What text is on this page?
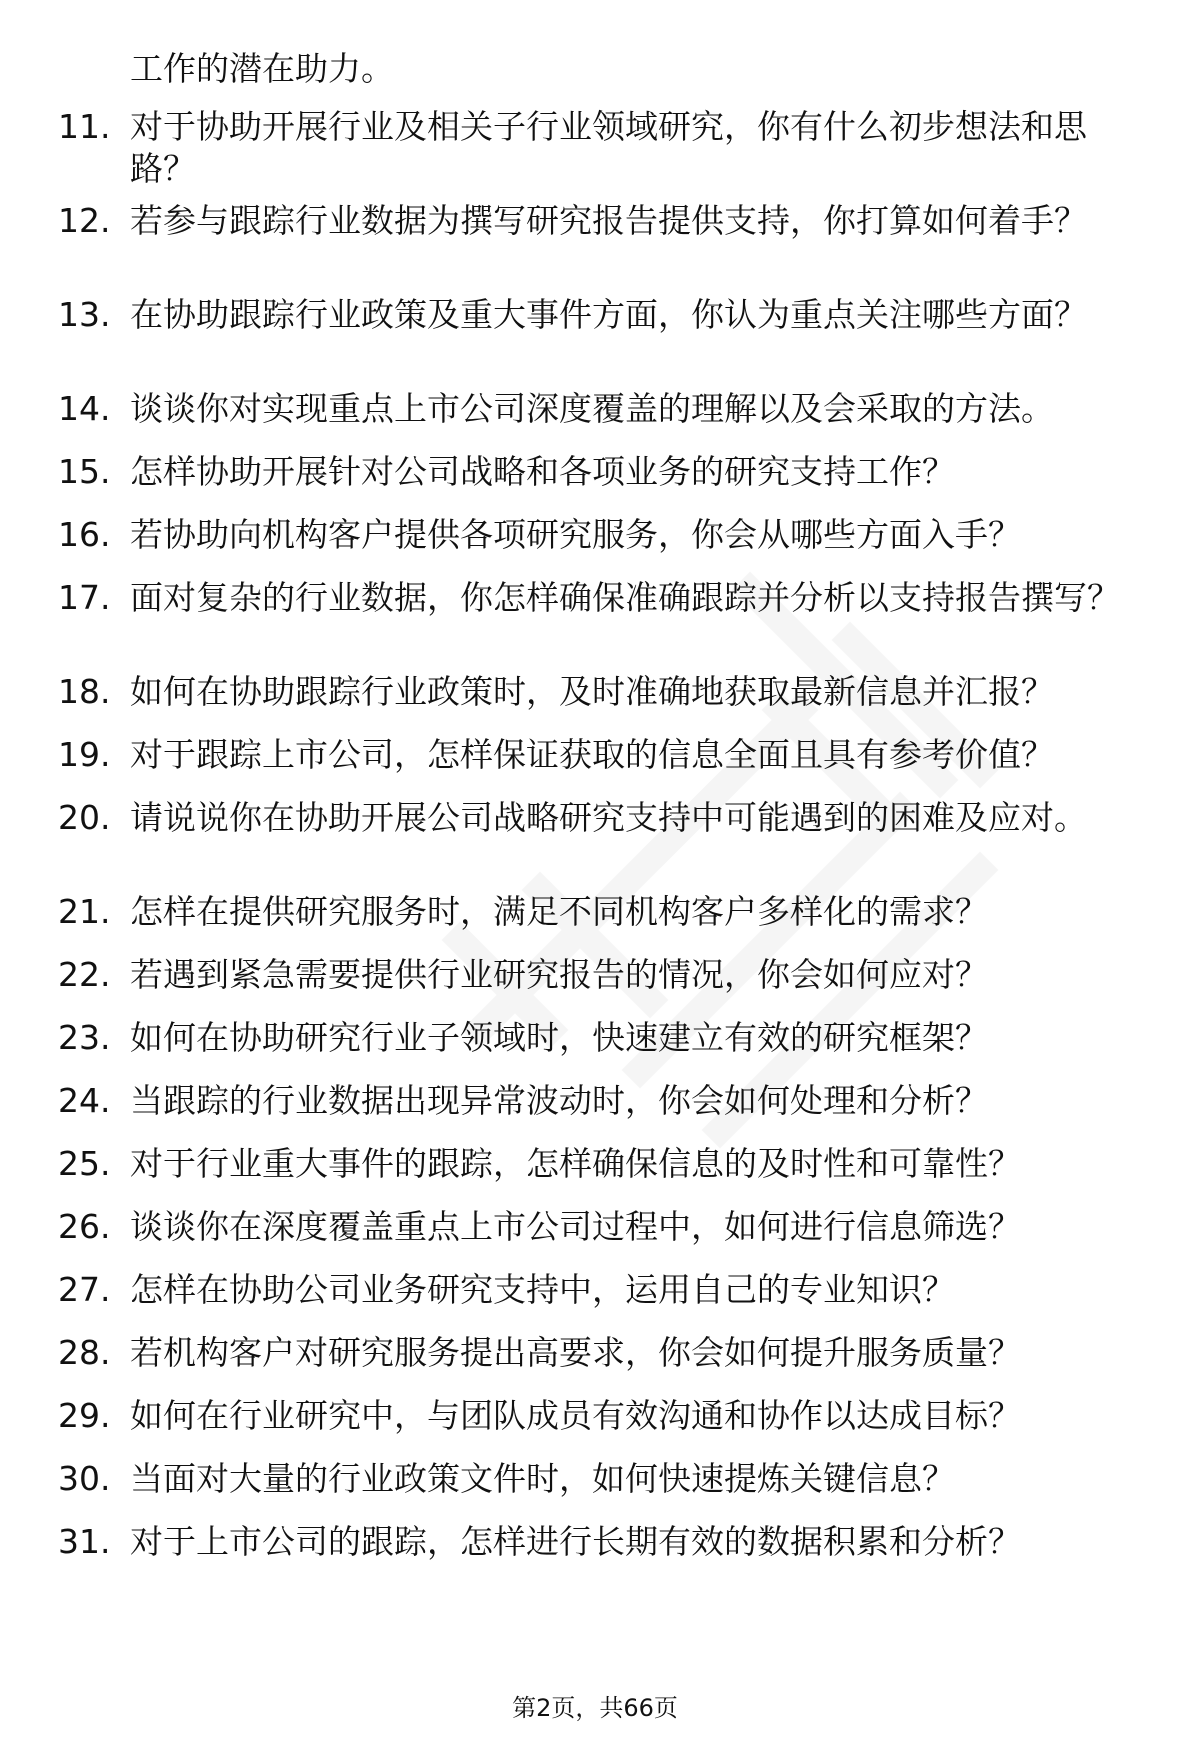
工作的潜在助力。
11. 对于协助开展行业及相关子行业领域研究，你有什么初步想法和思路？
12. 若参与跟踪行业数据为撰写研究报告提供支持，你打算如何着手？
13. 在协助跟踪行业政策及重大事件方面，你认为重点关注哪些方面？
14. 谈谈你对实现重点上市公司深度覆盖的理解以及会采取的方法。
15. 怎样协助开展针对公司战略和各项业务的研究支持工作？
16. 若协助向机构客户提供各项研究服务，你会从哪些方面入手？
17. 面对复杂的行业数据，你怎样确保准确跟踪并分析以支持报告撰写？
18. 如何在协助跟踪行业政策时，及时准确地获取最新信息并汇报？
19. 对于跟踪上市公司，怎样保证获取的信息全面且具有参考价值？
20. 请说说你在协助开展公司战略研究支持中可能遇到的困难及应对。
21. 怎样在提供研究服务时，满足不同机构客户多样化的需求？
22. 若遇到紧急需要提供行业研究报告的情况，你会如何应对？
23. 如何在协助研究行业子领域时，快速建立有效的研究框架？
24. 当跟踪的行业数据出现异常波动时，你会如何处理和分析？
25. 对于行业重大事件的跟踪，怎样确保信息的及时性和可靠性？
26. 谈谈你在深度覆盖重点上市公司过程中，如何进行信息筛选？
27. 怎样在协助公司业务研究支持中，运用自己的专业知识？
28. 若机构客户对研究服务提出高要求，你会如何提升服务质量？
29. 如何在行业研究中，与团队成员有效沟通和协作以达成目标？
30. 当面对大量的行业政策文件时，如何快速提炼关键信息？
31. 对于上市公司的跟踪，怎样进行长期有效的数据积累和分析？
第2页，共66页
